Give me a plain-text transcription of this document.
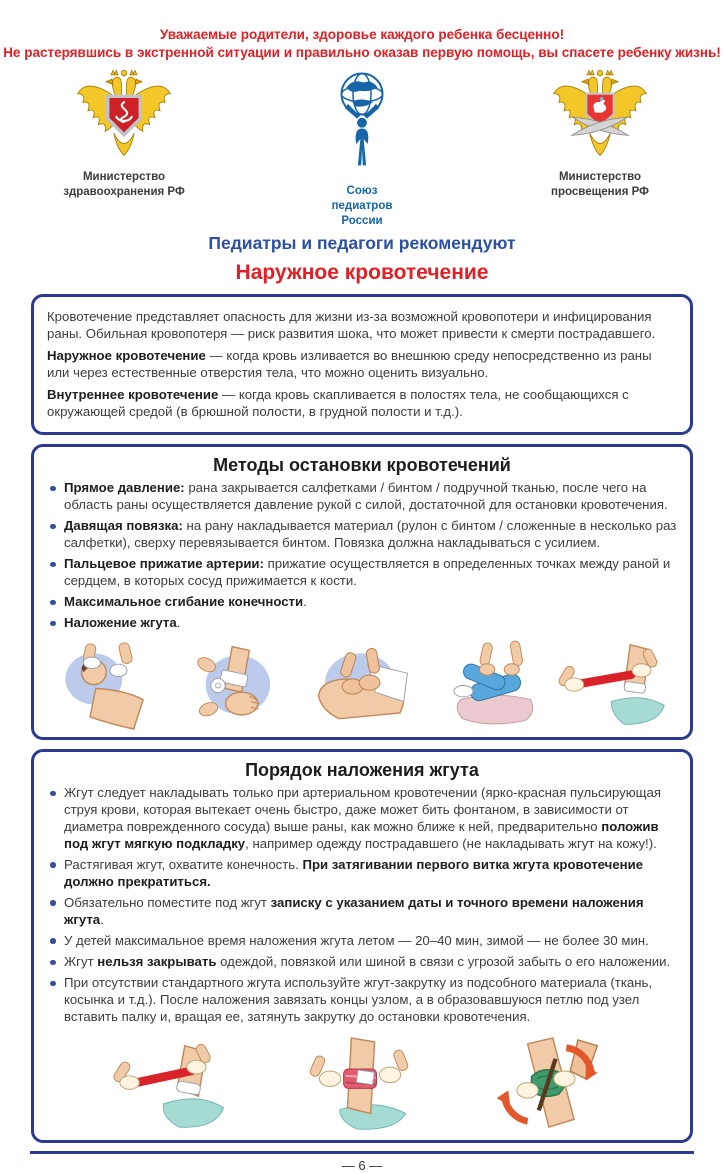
Уважаемые родители, здоровье каждого ребенка бесценно!
Не растерявшись в экстренной ситуации и правильно оказав первую помощь, вы спасете ребенку жизнь!
Министерство
здравоохранения РФ	Союз
педиатров
России
Министерство
просвещения РФ
Педиатры и педагоги рекомендуют
Наружное кровотечение

Кровотечение представляет опасность для жизни из-за возможной кровопотери и инфицирования раны. Обильная кровопотеря — риск развития шока, что может привести к смерти пострадавшего.

Наружное кровотечение — когда кровь изливается во внешнюю среду непосредственно из раны или через естественные отверстия тела, что можно оценить визуально.

Внутреннее кровотечение — когда кровь скапливается в полостях тела, не сообщающихся с окружающей средой (в брюшной полости, в грудной полости и т.д.).

Методы остановки кровотечений
Прямое давление: рана закрывается салфетками / бинтом / подручной тканью, после чего на область раны осуществляется давление рукой с силой, достаточной для остановки кровотечения.
Давящая повязка: на рану накладывается материал (рулон с бинтом / сложенные в несколько раз салфетки), сверху перевязывается бинтом. Повязка должна накладываться с усилием.
Пальцевое прижатие артерии: прижатие осуществляется в определенных точках между раной и сердцем, в которых сосуд прижимается к кости.
Максимальное сгибание конечности.
Наложение жгута.
Порядок наложения жгута
Жгут следует накладывать только при артериальном кровотечении (ярко-красная пульсирующая струя крови, которая вытекает очень быстро, даже может бить фонтаном, в зависимости от диаметра поврежденного сосуда) выше раны, как можно ближе к ней, предварительно положив под жгут мягкую подкладку, например одежду пострадавшего (не накладывать жгут на кожу!).
Растягивая жгут, охватите конечность. При затягивании первого витка жгута кровотечение должно прекратиться.
Обязательно поместите под жгут записку с указанием даты и точного времени наложения жгута.
У детей максимальное время наложения жгута летом — 20–40 мин, зимой — не более 30 мин.
Жгут нельзя закрывать одеждой, повязкой или шиной в связи с угрозой забыть о его наложении.
При отсутствии стандартного жгута используйте жгут-закрутку из подсобного материала (ткань, косынка и т.д.). После наложения завязать концы узлом, а в образовавшуюся петлю под узел вставить палку и, вращая ее, затянуть закрутку до остановки кровотечения.
— 6 —
